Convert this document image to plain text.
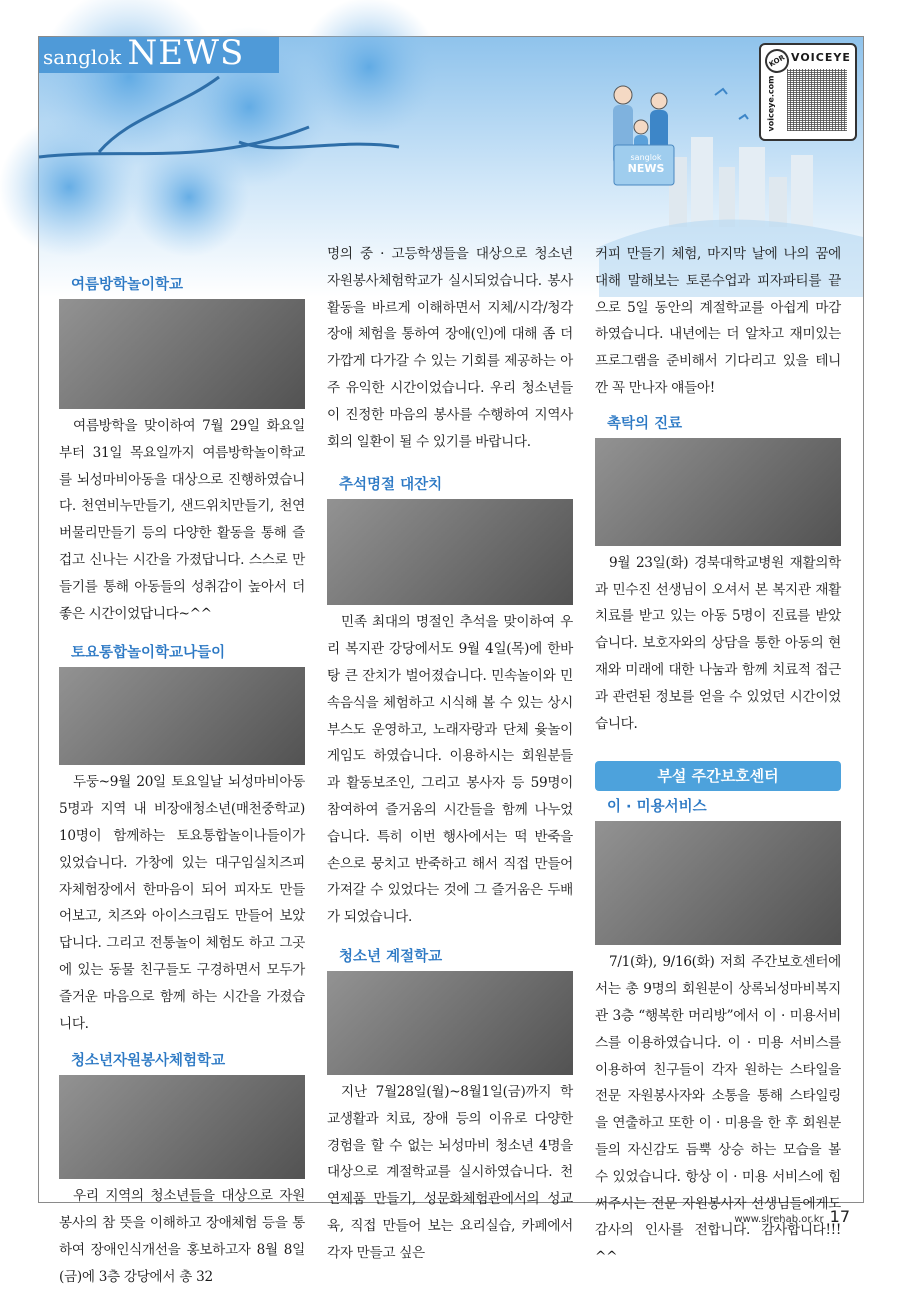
sanglok NEWS
sanglok
NEWS
KOR VOICEYE
voiceye.com
여름방학놀이학교
여름방학을 맞이하여 7월 29일 화요일부터 31일 목요일까지 여름방학놀이학교를 뇌성마비아동을 대상으로 진행하였습니다. 천연비누만들기, 샌드위치만들기, 천연버물리만들기 등의 다양한 활동을 통해 즐겁고 신나는 시간을 가졌답니다. 스스로 만들기를 통해 아동들의 성취감이 높아서 더 좋은 시간이었답니다~^^
토요통합놀이학교나들이
두둥~9월 20일 토요일날 뇌성마비아동 5명과 지역 내 비장애청소년(매천중학교) 10명이 함께하는 토요통합놀이나들이가 있었습니다. 가창에 있는 대구임실치즈피자체험장에서 한마음이 되어 피자도 만들어보고, 치즈와 아이스크림도 만들어 보았답니다. 그리고 전통놀이 체험도 하고 그곳에 있는 동물 친구들도 구경하면서 모두가 즐거운 마음으로 함께 하는 시간을 가졌습니다.
청소년자원봉사체험학교
우리 지역의 청소년들을 대상으로 자원봉사의 참 뜻을 이해하고 장애체험 등을 통하여 장애인식개선을 홍보하고자 8월 8일(금)에 3층 강당에서 총 32
명의 중 · 고등학생들을 대상으로 청소년 자원봉사체험학교가 실시되었습니다. 봉사활동을 바르게 이해하면서 지체/시각/청각 장애 체험을 통하여 장애(인)에 대해 좀 더 가깝게 다가갈 수 있는 기회를 제공하는 아주 유익한 시간이었습니다. 우리 청소년들이 진정한 마음의 봉사를 수행하여 지역사회의 일환이 될 수 있기를 바랍니다.
추석명절 대잔치
민족 최대의 명절인 추석을 맞이하여 우리 복지관 강당에서도 9월 4일(목)에 한바탕 큰 잔치가 벌어졌습니다. 민속놀이와 민속음식을 체험하고 시식해 볼 수 있는 상시 부스도 운영하고, 노래자랑과 단체 윷놀이 게임도 하였습니다. 이용하시는 회원분들과 활동보조인, 그리고 봉사자 등 59명이 참여하여 즐거움의 시간들을 함께 나누었습니다. 특히 이번 행사에서는 떡 반죽을 손으로 뭉치고 반죽하고 해서 직접 만들어 가져갈 수 있었다는 것에 그 즐거움은 두배가 되었습니다.
청소년 계절학교
지난 7월28일(월)~8월1일(금)까지 학교생활과 치료, 장애 등의 이유로 다양한 경험을 할 수 없는 뇌성마비 청소년 4명을 대상으로 계절학교를 실시하였습니다. 천연제품 만들기, 성문화체험관에서의 성교육, 직접 만들어 보는 요리실습, 카페에서 각자 만들고 싶은
커피 만들기 체험, 마지막 날에 나의 꿈에 대해 말해보는 토론수업과 피자파티를 끝으로 5일 동안의 계절학교를 아쉽게 마감하였습니다. 내년에는 더 알차고 재미있는 프로그램을 준비해서 기다리고 있을 테니깐 꼭 만나자 얘들아!
촉탁의 진료
9월 23일(화) 경북대학교병원 재활의학과 민수진 선생님이 오셔서 본 복지관 재활치료를 받고 있는 아동 5명이 진료를 받았습니다. 보호자와의 상담을 통한 아동의 현재와 미래에 대한 나눔과 함께 치료적 접근과 관련된 정보를 얻을 수 있었던 시간이었습니다.
부설 주간보호센터
이 · 미용서비스
7/1(화), 9/16(화) 저희 주간보호센터에서는 총 9명의 회원분이 상록뇌성마비복지관 3층 “행복한 머리방”에서 이 · 미용서비스를 이용하였습니다. 이 · 미용 서비스를 이용하여 친구들이 각자 원하는 스타일을 전문 자원봉사자와 소통을 통해 스타일링을 연출하고 또한 이 · 미용을 한 후 회원분들의 자신감도 듬뿍 상승 하는 모습을 볼 수 있었습니다. 항상 이 · 미용 서비스에 힘써주시는 전문 자원봉사자 선생님들에게도 감사의 인사를 전합니다. 감사합니다!!! ^^
www.slrehab.or.kr 17
